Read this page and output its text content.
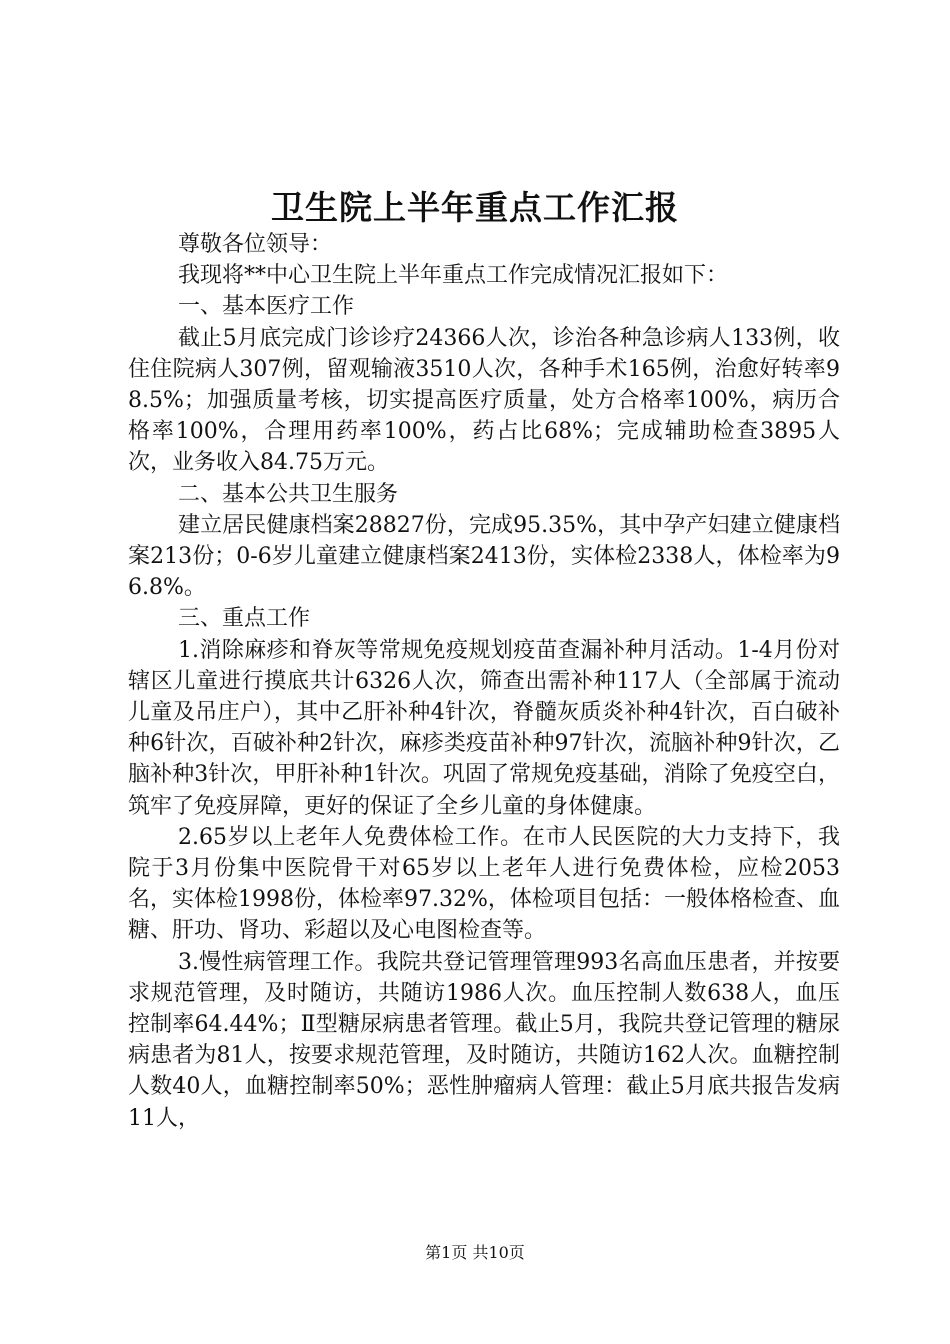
卫生院上半年重点工作汇报

尊敬各位领导：

我现将**中心卫生院上半年重点工作完成情况汇报如下：

一、基本医疗工作

截止5月底完成门诊诊疗24366人次，诊治各种急诊病人133例，收住住院病人307例，留观输液3510人次，各种手术165例，治愈好转率98.5%；加强质量考核，切实提高医疗质量，处方合格率100%，病历合格率100%，合理用药率100%，药占比68%；完成辅助检查3895人次，业务收入84.75万元。

二、基本公共卫生服务

建立居民健康档案28827份，完成95.35%，其中孕产妇建立健康档案213份；0-6岁儿童建立健康档案2413份，实体检2338人，体检率为96.8%。

三、重点工作

1.消除麻疹和脊灰等常规免疫规划疫苗查漏补种月活动。1-4月份对辖区儿童进行摸底共计6326人次，筛查出需补种117人（全部属于流动儿童及吊庄户），其中乙肝补种4针次，脊髓灰质炎补种4针次，百白破补种6针次，百破补种2针次，麻疹类疫苗补种97针次，流脑补种9针次，乙脑补种3针次，甲肝补种1针次。巩固了常规免疫基础，消除了免疫空白，筑牢了免疫屏障，更好的保证了全乡儿童的身体健康。

2.65岁以上老年人免费体检工作。在市人民医院的大力支持下，我院于3月份集中医院骨干对65岁以上老年人进行免费体检，应检2053名，实体检1998份，体检率97.32%，体检项目包括：一般体格检查、血糖、肝功、肾功、彩超以及心电图检查等。

3.慢性病管理工作。我院共登记管理管理993名高血压患者，并按要求规范管理，及时随访，共随访1986人次。血压控制人数638人，血压控制率64.44%；Ⅱ型糖尿病患者管理。截止5月，我院共登记管理的糖尿病患者为81人，按要求规范管理，及时随访，共随访162人次。血糖控制人数40人，血糖控制率50%；恶性肿瘤病人管理：截止5月底共报告发病11人，

第1页 共10页
